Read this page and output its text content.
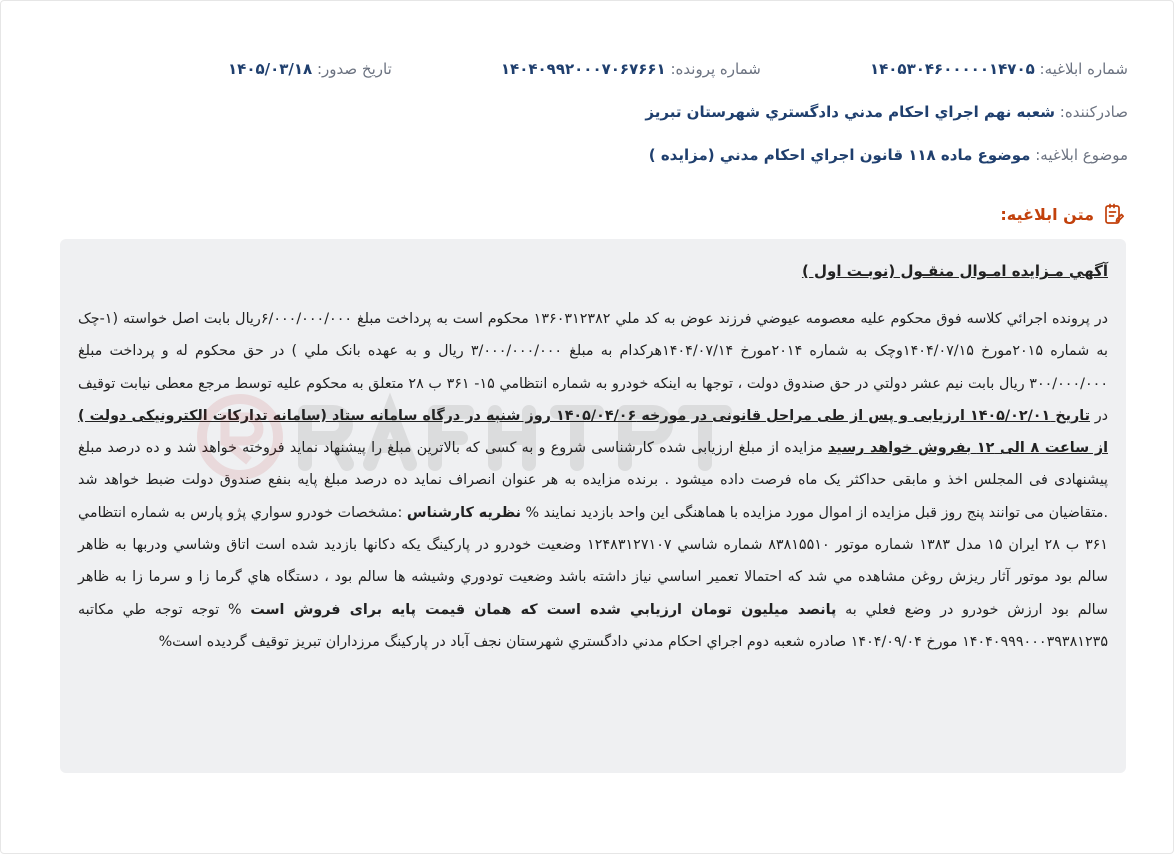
شماره ابلاغيه: ۱۴۰۵۳۰۴۶۰۰۰۰۰۱۴۷۰۵
شماره پرونده: ۱۴۰۴۰۹۹۲۰۰۰۷۰۶۷۶۶۱
تاريخ صدور: ۱۴۰۵/۰۳/۱۸
صادرکننده: شعبه نهم اجراي احکام مدني دادگستري شهرستان تبريز
موضوع ابلاغيه: موضوع ماده ۱۱۸ قانون اجراي احکام مدني (مزايده )
متن ابلاغيه:

آگهي مـزايده امـوال منقـول (نوبـت اول )

در پرونده اجرائي کلاسه فوق محکوم عليه معصومه عيوضي فرزند عوض به کد ملي ۱۳۶۰۳۱۲۳۸۲ محکوم است به پرداخت مبلغ ۶/۰۰۰/۰۰۰/۰۰۰ريال بابت اصل خواسته (۱-چک به شماره ۲۰۱۵مورخ ۱۴۰۴/۰۷/۱۵وچک به شماره ۲۰۱۴مورخ ۱۴۰۴/۰۷/۱۴هرکدام به مبلغ ۳/۰۰۰/۰۰۰/۰۰۰ ريال و به عهده بانک ملي ) در حق محکوم له و پرداخت مبلغ ۳۰۰/۰۰۰/۰۰۰ ريال بابت نيم عشر دولتي در حق صندوق دولت ، توجها به اينکه خودرو به شماره انتظامي ۱۵- ۳۶۱ ب ۲۸ متعلق به محکوم عليه توسط مرجع معطی نيابت توقيف در تاريخ ۱۴۰۵/۰۲/۰۱ ارزيابی و پس از طی مراحل قانونی در مورخه ۱۴۰۵/۰۴/۰۶ روز شنبه در درگاه سامانه ستاد (سامانه تدارکات الکترونيکی دولت ) از ساعت ۸ الی ۱۲ بفروش خواهد رسيد مزايده از مبلغ ارزيابی شده کارشناسی شروع و به کسی که بالاترين مبلغ را پيشنهاد نمايد فروخته خواهد شد و ده درصد مبلغ پيشنهادی فی المجلس اخذ و مابقی حداکثر يک ماه فرصت داده ميشود . برنده مزايده به هر عنوان انصراف نمايد ده درصد مبلغ پايه بنفع صندوق دولت ضبط خواهد شد .متقاضيان می توانند پنج روز قبل مزايده از اموال مورد مزايده با هماهنگی اين واحد بازديد نمايند % نظريه کارشناس :مشخصات خودرو سواري پژو پارس به شماره انتظامي ۳۶۱ ب ۲۸ ايران ۱۵ مدل ۱۳۸۳ شماره موتور ۸۳۸۱۵۵۱۰ شماره شاسي ۱۲۴۸۳۱۲۷۱۰۷ وضعيت خودرو در پارکينگ يکه دکانها بازديد شده است اتاق وشاسي ودربها به ظاهر سالم بود موتور آثار ريزش روغن مشاهده مي شد که احتمالا تعمير اساسي نياز داشته باشد وضعيت تودوري وشيشه ها سالم بود ، دستگاه هاي گرما زا و سرما زا به ظاهر سالم بود ارزش خودرو در وضع فعلي به پانصد ميليون تومان ارزيابي شده است که همان قيمت پايه براى فروش است % توجه توجه طي مکاتبه ۱۴۰۴۰۹۹۹۰۰۰۳۹۳۸۱۲۳۵ مورخ ۱۴۰۴/۰۹/۰۴ صادره شعبه دوم اجراي احکام مدني دادگستري شهرستان نجف آباد در پارکينگ مرزداران تبريز توقيف گرديده است%
